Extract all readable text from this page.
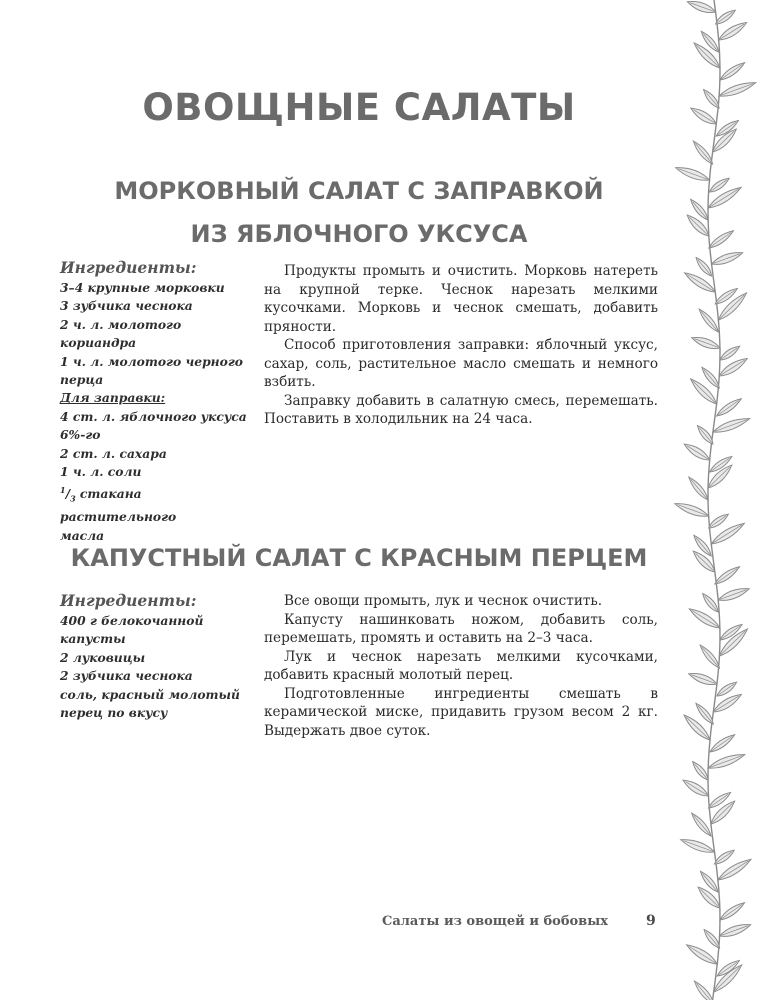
ОВОЩНЫЕ САЛАТЫ
МОРКОВНЫЙ САЛАТ С ЗАПРАВКОЙ
ИЗ ЯБЛОЧНОГО УКСУСА
Ингредиенты:
3–4 крупные морковки
3 зубчика чеснока
2 ч. л. молотого кориандра
1 ч. л. молотого черного
перца
Для заправки:
4 ст. л. яблочного уксуса
6%-го
2 ст. л. сахара
1 ч. л. соли
$^1/_3$ стакана растительного
масла

Продукты промыть и очистить. Морковь натереть на крупной терке. Чеснок нарезать мелкими кусочками. Морковь и чеснок смешать, добавить пряности.

Способ приготовления заправки: яблочный уксус, сахар, соль, растительное масло смешать и немного взбить.

Заправку добавить в салатную смесь, перемешать. Поставить в холодильник на 24 часа.

КАПУСТНЫЙ САЛАТ С КРАСНЫМ ПЕРЦЕМ
Ингредиенты:
400 г белокочанной
капусты
2 луковицы
2 зубчика чеснока
соль, красный молотый
перец по вкусу

Все овощи промыть, лук и чеснок очистить.

Капусту нашинковать ножом, добавить соль, перемешать, промять и оставить на 2–3 часа.

Лук и чеснок нарезать мелкими кусочками, добавить красный молотый перец.

Подготовленные ингредиенты смешать в керамической миске, придавить грузом весом 2 кг. Выдержать двое суток.

Салаты из овощей и бобовых	9
